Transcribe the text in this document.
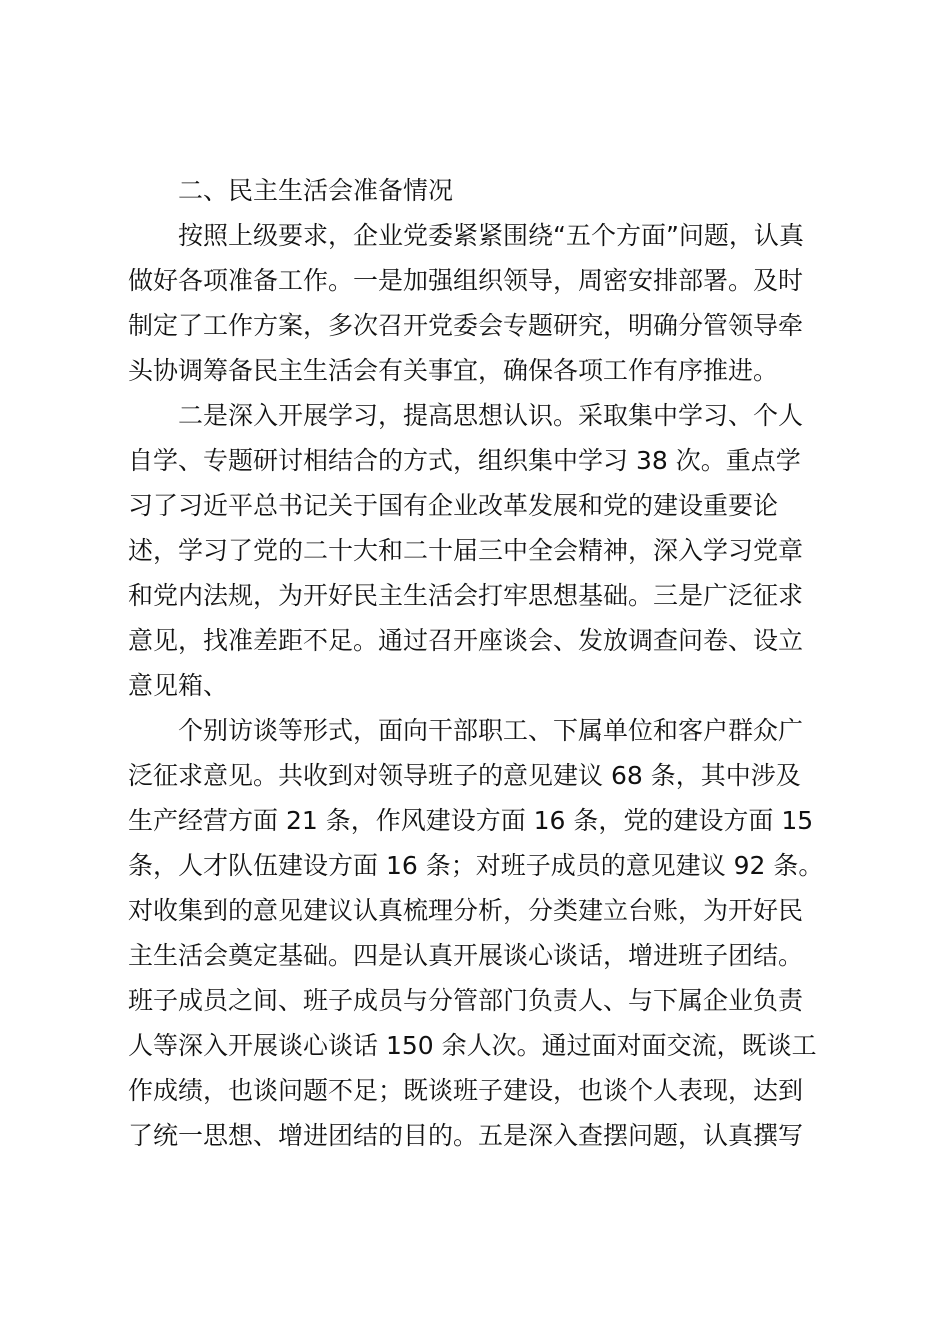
二、民主生活会准备情况

按照上级要求，企业党委紧紧围绕“五个方面”问题，认真
做好各项准备工作。一是加强组织领导，周密安排部署。及时
制定了工作方案，多次召开党委会专题研究，明确分管领导牵
头协调筹备民主生活会有关事宜，确保各项工作有序推进。

二是深入开展学习，提高思想认识。采取集中学习、个人
自学、专题研讨相结合的方式，组织集中学习 38 次。重点学
习了习近平总书记关于国有企业改革发展和党的建设重要论
述，学习了党的二十大和二十届三中全会精神，深入学习党章
和党内法规，为开好民主生活会打牢思想基础。三是广泛征求
意见，找准差距不足。通过召开座谈会、发放调查问卷、设立
意见箱、

个别访谈等形式，面向干部职工、下属单位和客户群众广
泛征求意见。共收到对领导班子的意见建议 68 条，其中涉及
生产经营方面 21 条，作风建设方面 16 条，党的建设方面 15
条，人才队伍建设方面 16 条；对班子成员的意见建议 92 条。
对收集到的意见建议认真梳理分析，分类建立台账，为开好民
主生活会奠定基础。四是认真开展谈心谈话，增进班子团结。
班子成员之间、班子成员与分管部门负责人、与下属企业负责
人等深入开展谈心谈话 150 余人次。通过面对面交流，既谈工
作成绩，也谈问题不足；既谈班子建设，也谈个人表现，达到
了统一思想、增进团结的目的。五是深入查摆问题，认真撰写
